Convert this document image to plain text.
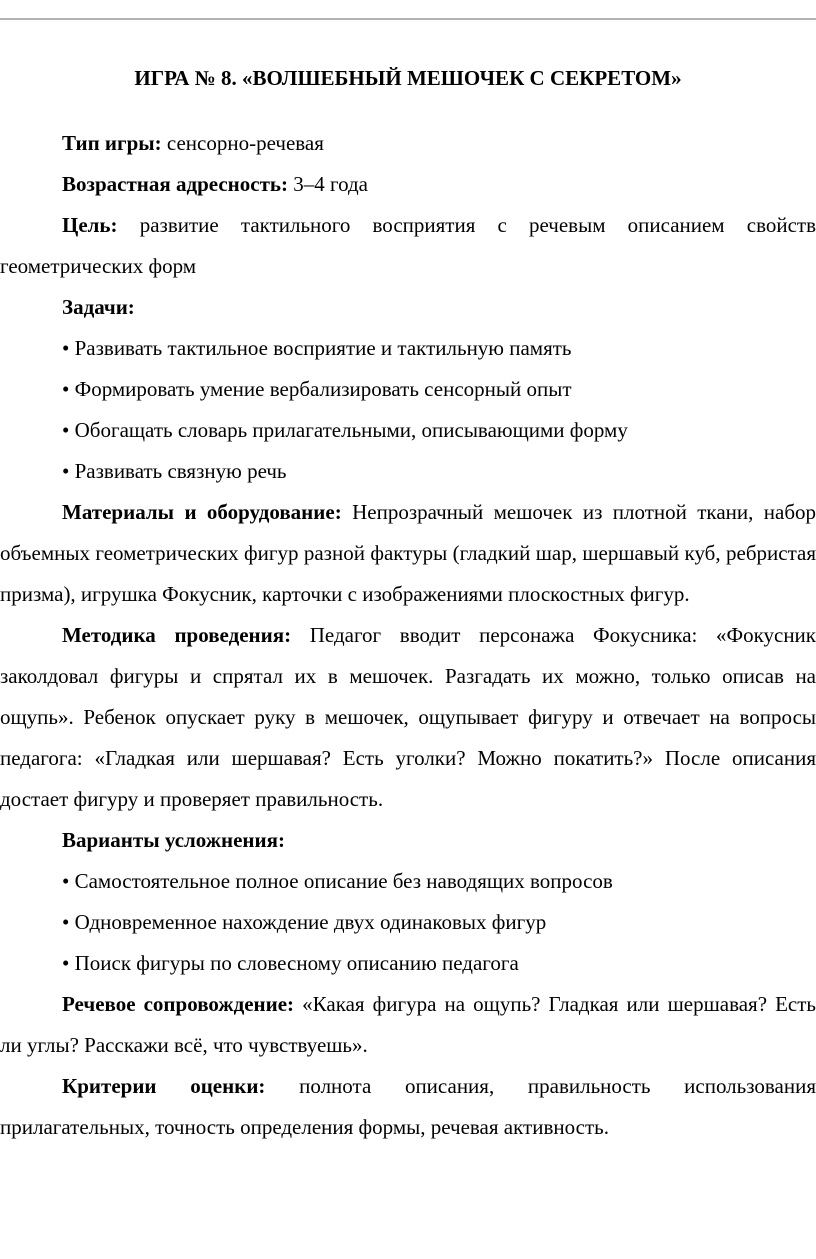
ИГРА № 8. «ВОЛШЕБНЫЙ МЕШОЧЕК С СЕКРЕТОМ»

Тип игры: сенсорно-речевая

Возрастная адресность: 3–4 года

Цель: развитие тактильного восприятия с речевым описанием свойств геометрических форм

Задачи:

• Развивать тактильное восприятие и тактильную память

• Формировать умение вербализировать сенсорный опыт

• Обогащать словарь прилагательными, описывающими форму

• Развивать связную речь

Материалы и оборудование: Непрозрачный мешочек из плотной ткани, набор объемных геометрических фигур разной фактуры (гладкий шар, шершавый куб, ребристая призма), игрушка Фокусник, карточки с изображениями плоскостных фигур.

Методика проведения: Педагог вводит персонажа Фокусника: «Фокусник заколдовал фигуры и спрятал их в мешочек. Разгадать их можно, только описав на ощупь». Ребенок опускает руку в мешочек, ощупывает фигуру и отвечает на вопросы педагога: «Гладкая или шершавая? Есть уголки? Можно покатить?» После описания достает фигуру и проверяет правильность.

Варианты усложнения:

• Самостоятельное полное описание без наводящих вопросов

• Одновременное нахождение двух одинаковых фигур

• Поиск фигуры по словесному описанию педагога

Речевое сопровождение: «Какая фигура на ощупь? Гладкая или шершавая? Есть ли углы? Расскажи всё, что чувствуешь».

Критерии оценки: полнота описания, правильность использования прилагательных, точность определения формы, речевая активность.
